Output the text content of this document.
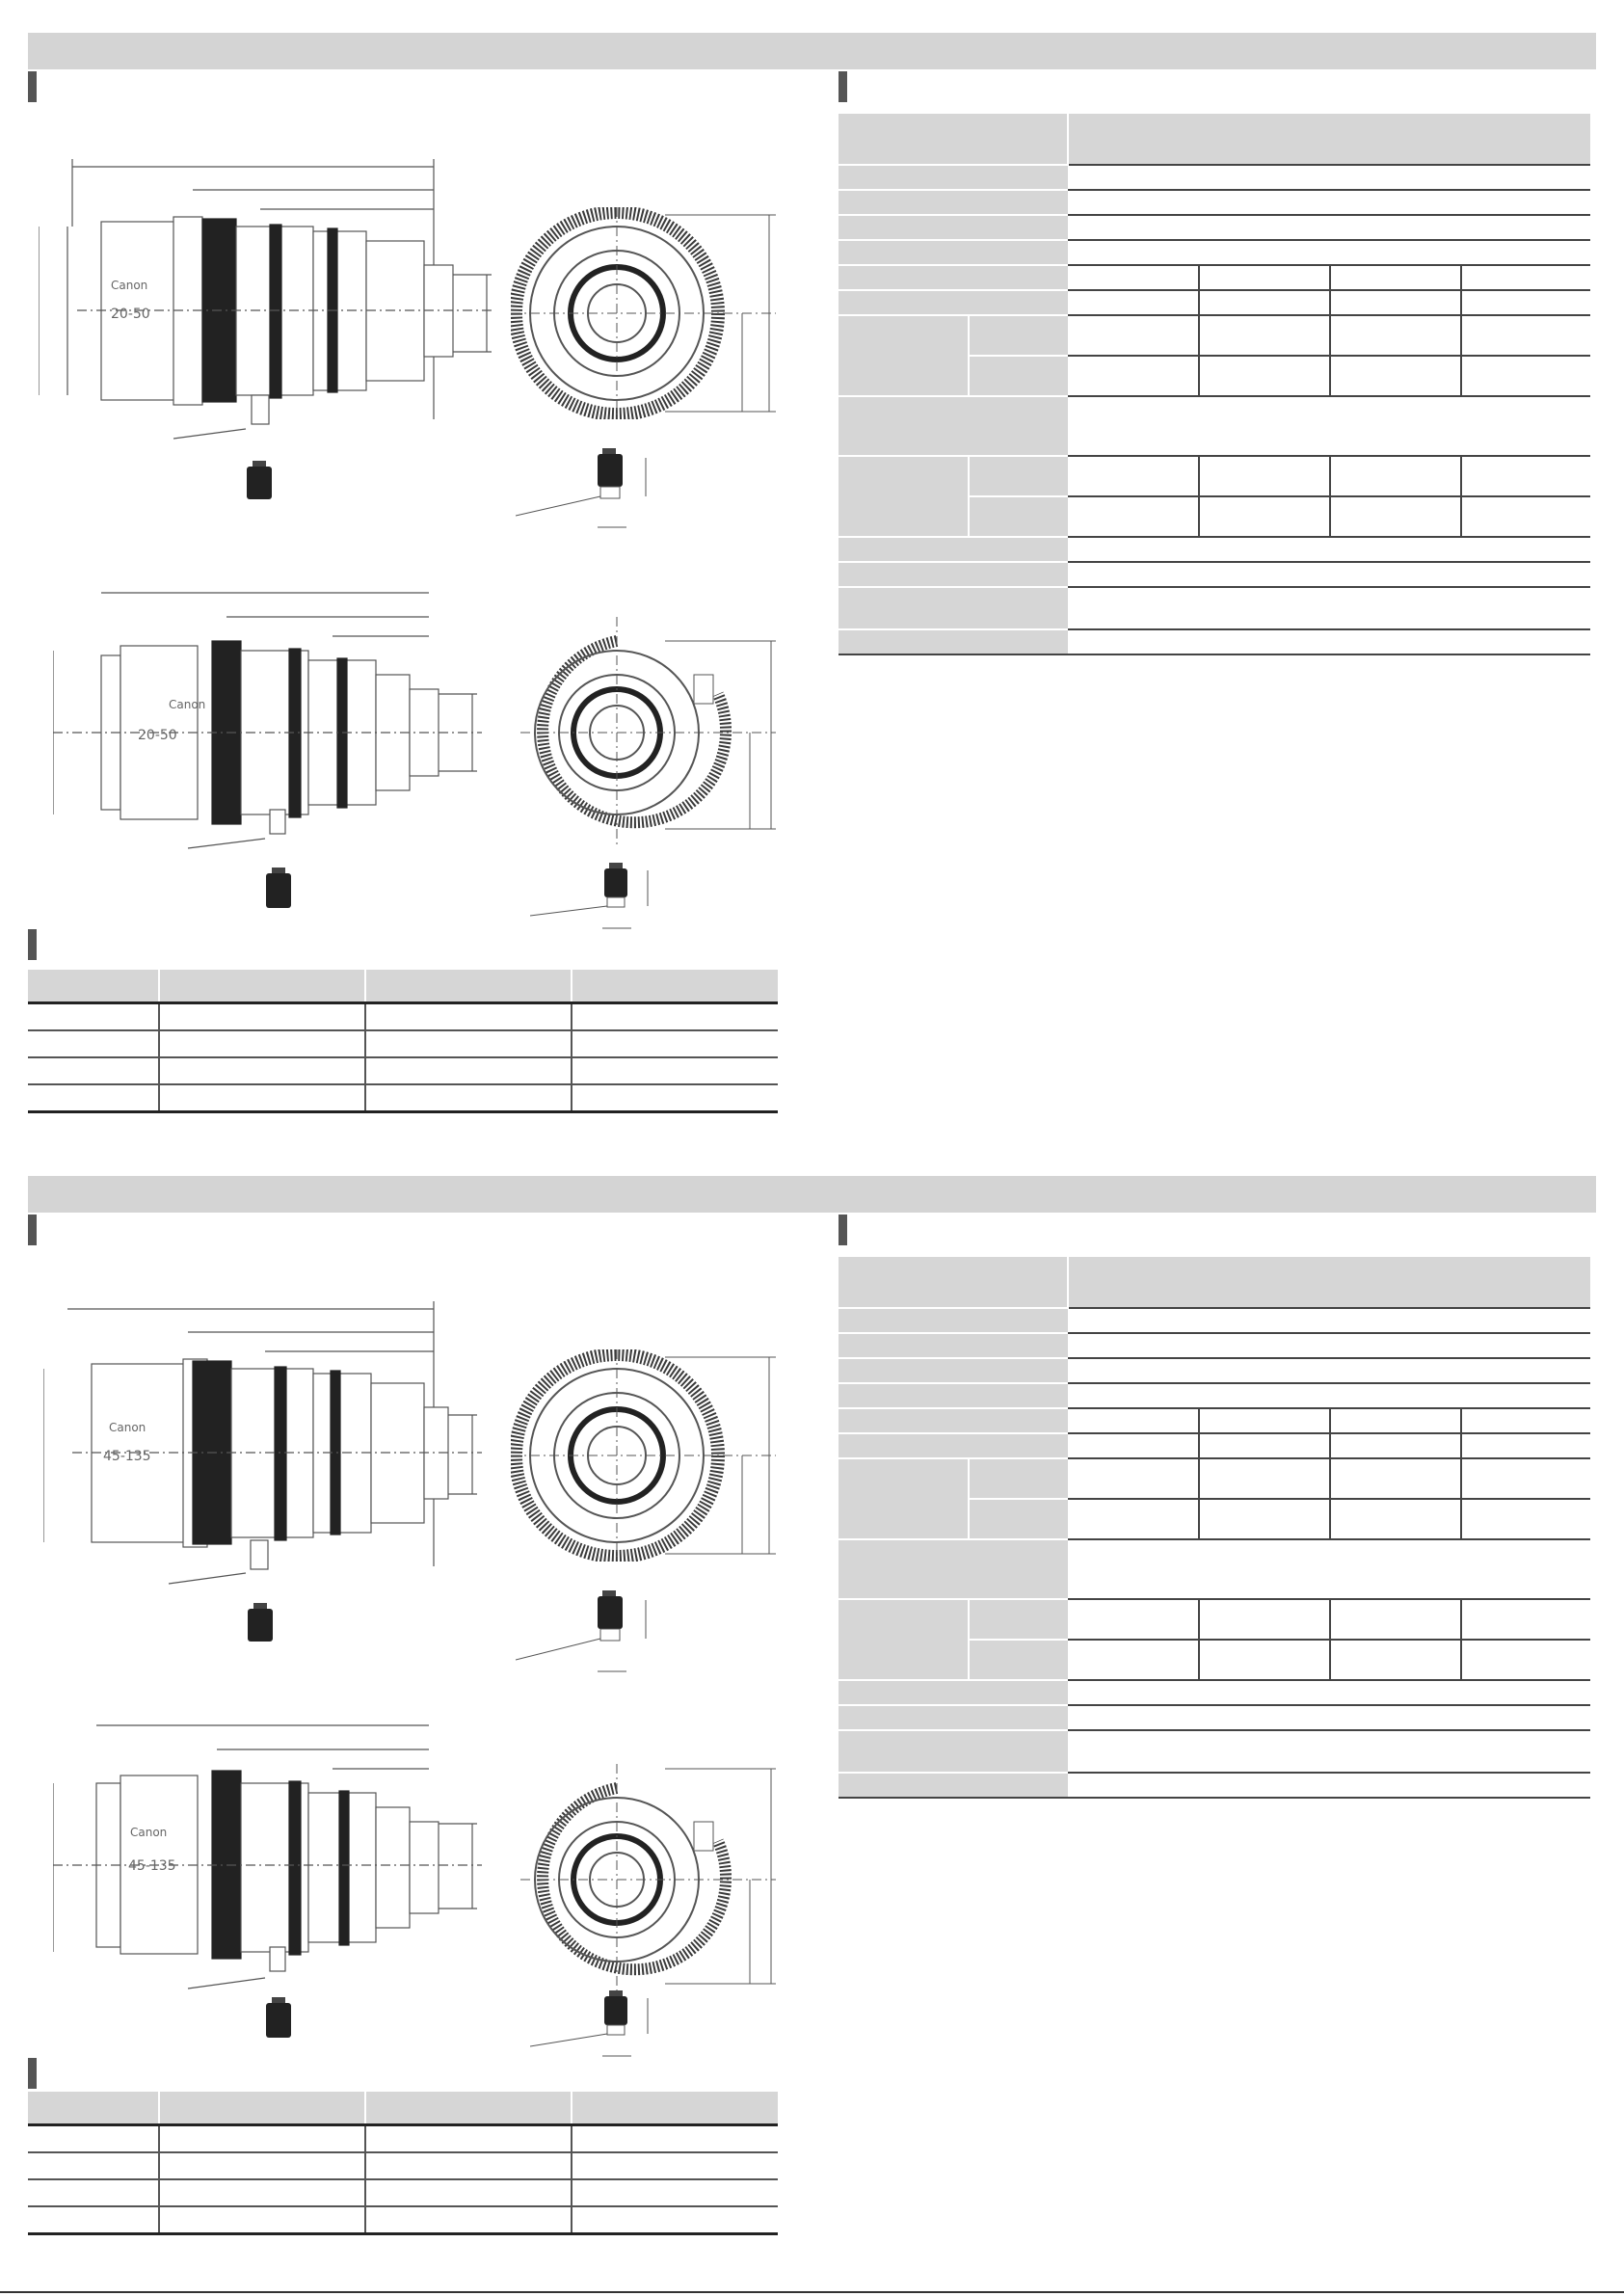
Canon
20-50
Canon
20-50

Canon
45-135
Canon
45-135
